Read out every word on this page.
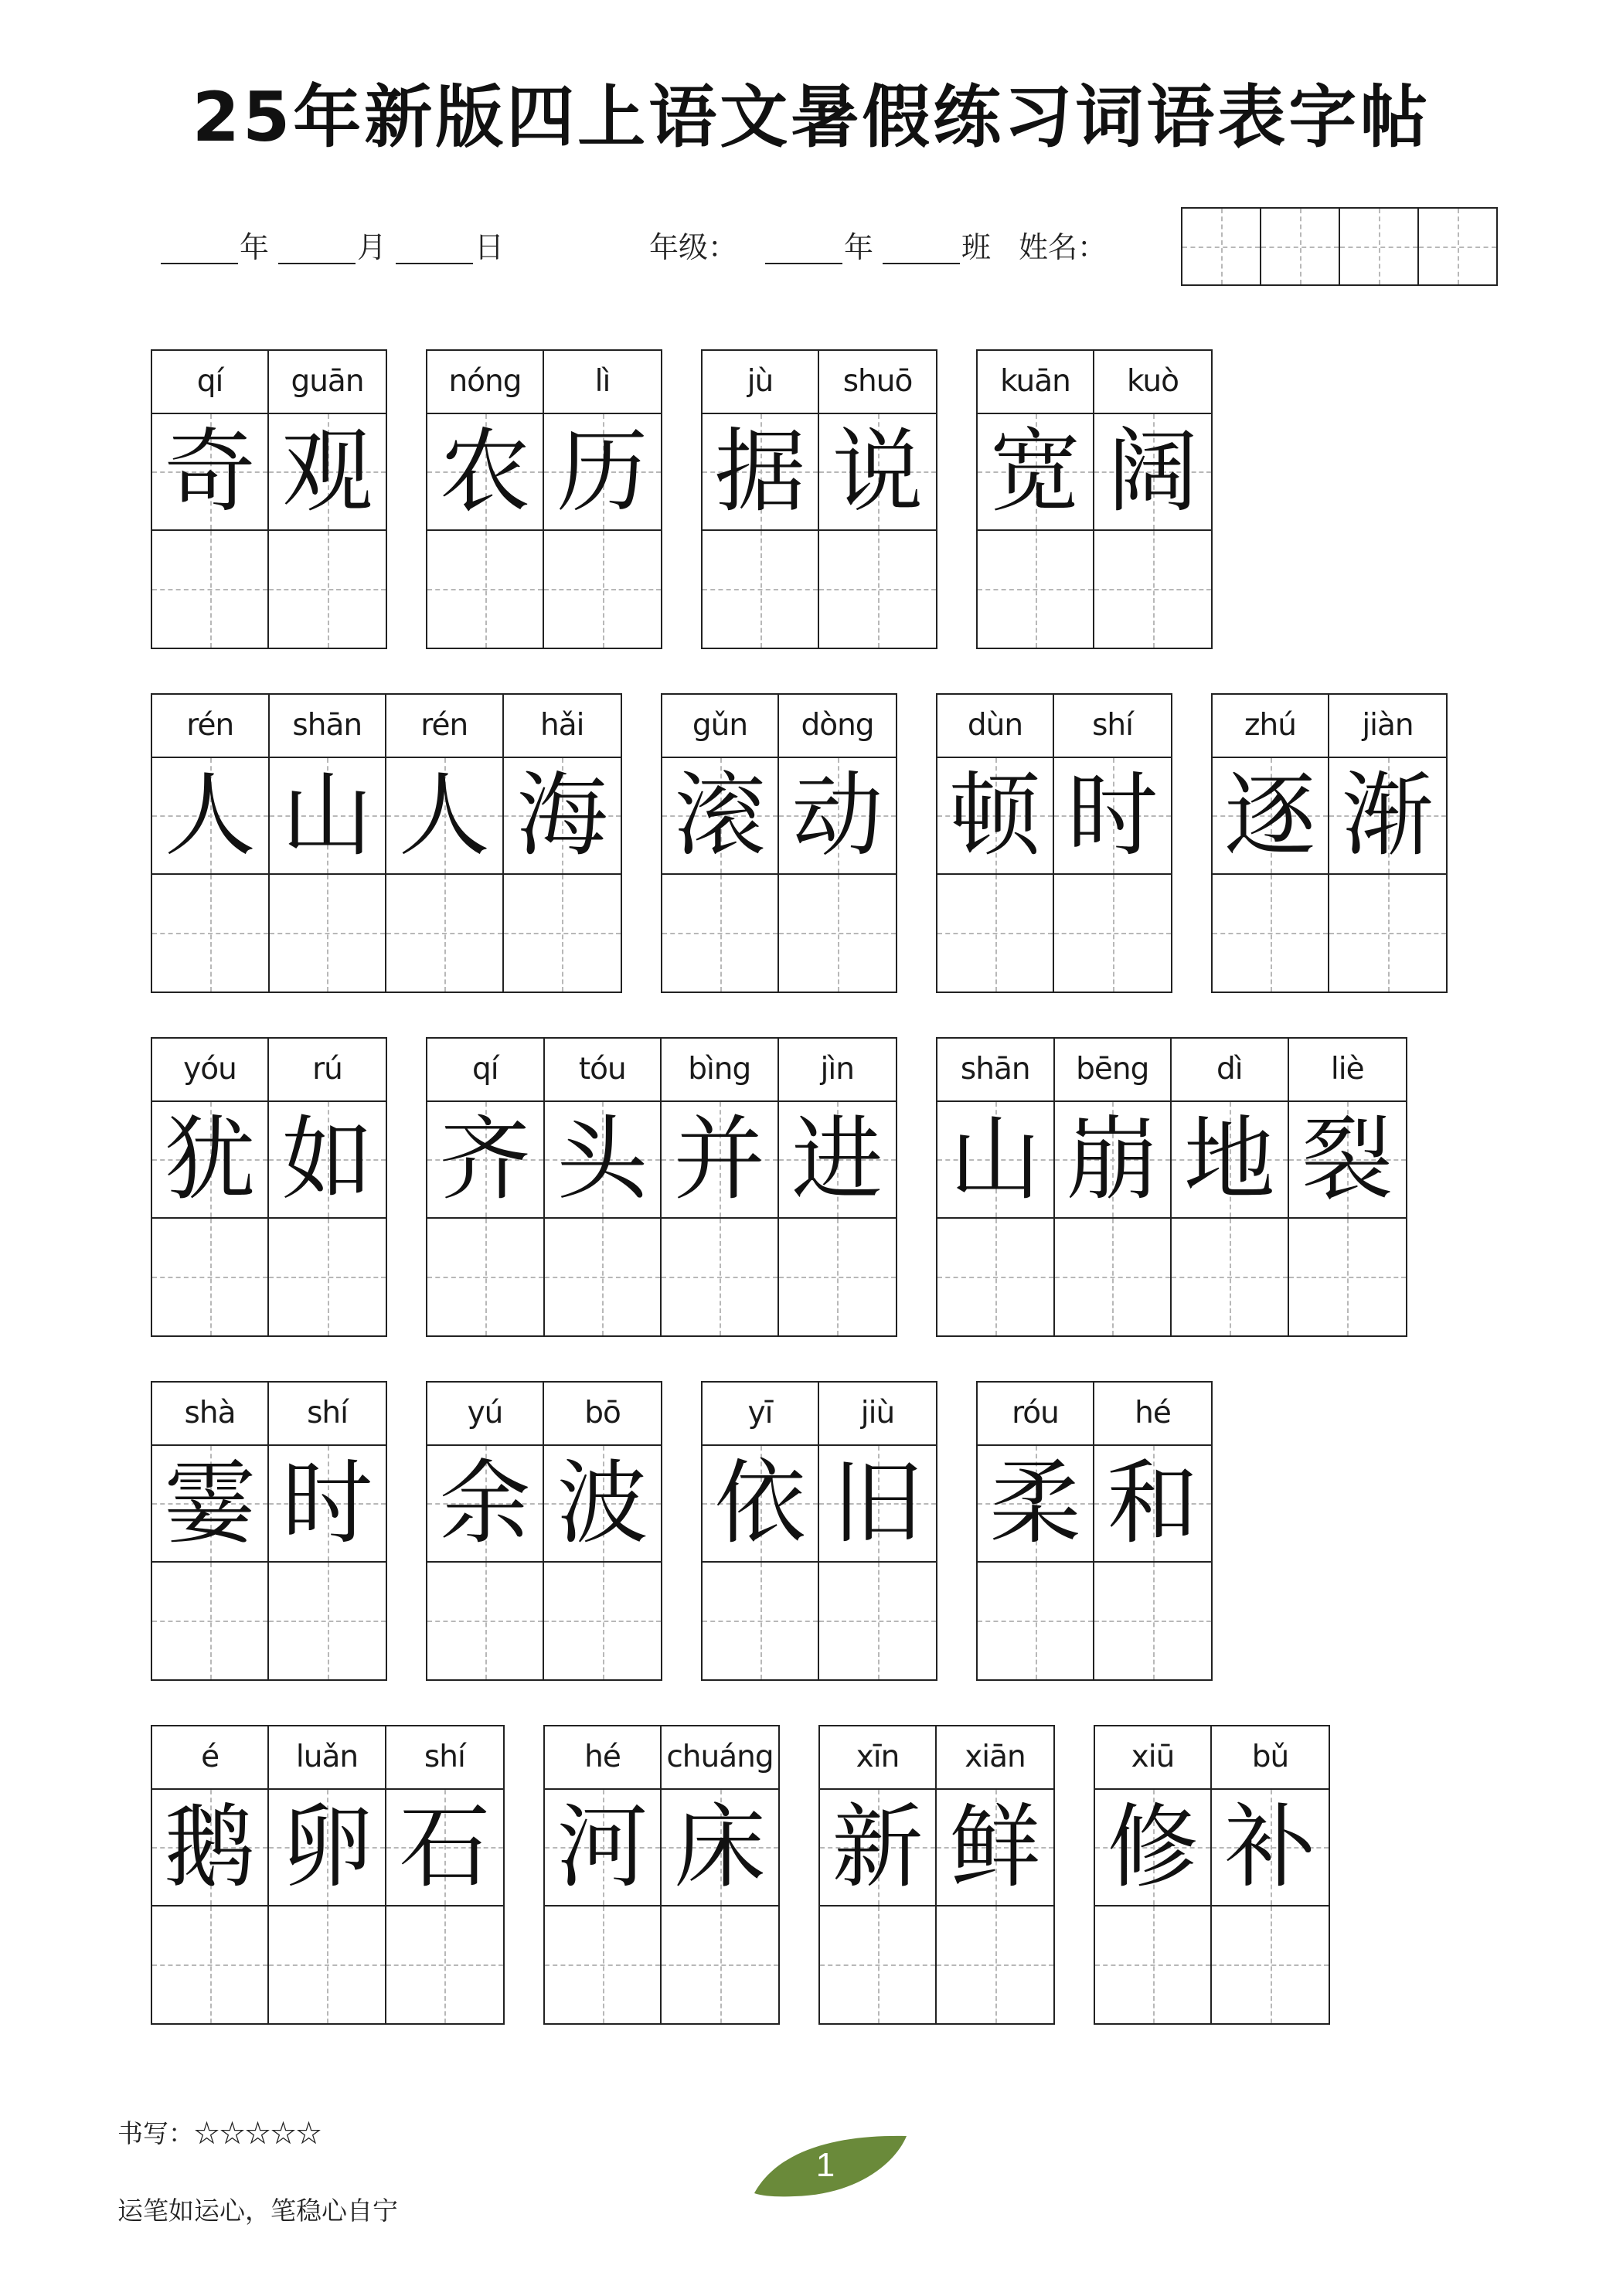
25年新版四上语文暑假练习词语表字帖
年	月	日	年级：	年	班 姓名：
qí
奇
guān
观
nóng
农
lì
历
jù
据
shuō
说
kuān
宽
kuò
阔
rén
人
shān
山
rén
人
hǎi
海
gǔn
滚
dòng
动
dùn
顿
shí
时
zhú
逐
jiàn
渐
yóu
犹
rú
如
qí
齐
tóu
头
bìng
并
jìn
进
shān
山
bēng
崩
dì
地
liè
裂
shà
霎
shí
时
yú
余
bō
波
yī
依
jiù
旧
róu
柔
hé
和
é
鹅
luǎn
卵
shí
石
hé
河
chuáng
床
xīn
新
xiān
鲜
xiū
修
bǔ
补
书写：☆☆☆☆☆
运笔如运心，笔稳心自宁
1
